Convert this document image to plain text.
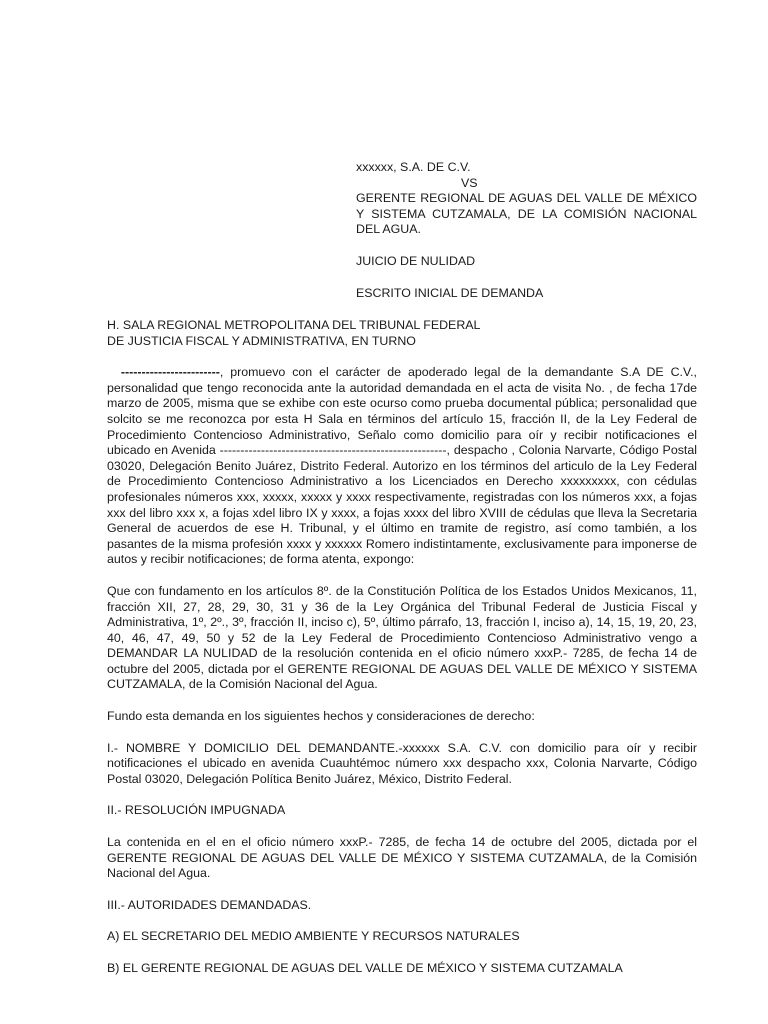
xxxxxx, S.A. DE C.V.

VS

GERENTE REGIONAL DE AGUAS DEL VALLE DE MÉXICO Y SISTEMA CUTZAMALA, DE LA COMISIÓN NACIONAL DEL AGUA.

JUICIO DE NULIDAD

ESCRITO INICIAL DE DEMANDA

H. SALA REGIONAL METROPOLITANA DEL TRIBUNAL FEDERAL

DE JUSTICIA FISCAL Y ADMINISTRATIVA, EN TURNO

------------------------, promuevo con el carácter de apoderado legal de la demandante S.A DE C.V., personalidad que tengo reconocida ante la autoridad demandada en el acta de visita No. , de fecha 17de marzo de 2005, misma que se exhibe con este ocurso como prueba documental pública; personalidad que solcito se me reconozca por esta H Sala en términos del artículo 15, fracción II, de la Ley Federal de Procedimiento Contencioso Administrativo, Señalo como domicilio para oír y recibir notificaciones el ubicado en Avenida -------------------------------------------------------, despacho , Colonia Narvarte, Código Postal 03020, Delegación Benito Juárez, Distrito Federal. Autorizo en los términos del articulo de la Ley Federal de Procedimiento Contencioso Administrativo a los Licenciados en Derecho xxxxxxxxx, con cédulas profesionales números xxx, xxxxx, xxxxx y xxxx respectivamente, registradas con los números xxx, a fojas xxx del libro xxx x, a fojas xdel libro IX y xxxx, a fojas xxxx del libro XVIII de cédulas que lleva la Secretaria General de acuerdos de ese H. Tribunal, y el último en tramite de registro, así como también, a los pasantes de la misma profesión xxxx y xxxxxx Romero indistintamente, exclusivamente para imponerse de autos y recibir notificaciones; de forma atenta, expongo:

Que con fundamento en los artículos 8º. de la Constitución Política de los Estados Unidos Mexicanos, 11, fracción XII, 27, 28, 29, 30, 31 y 36 de la Ley Orgánica del Tribunal Federal de Justicia Fiscal y Administrativa, 1º, 2º., 3º, fracción II, inciso c), 5º, último párrafo, 13, fracción I, inciso a), 14, 15, 19, 20, 23, 40, 46, 47, 49, 50 y 52 de la Ley Federal de Procedimiento Contencioso Administrativo vengo a DEMANDAR LA NULIDAD de la resolución contenida en el oficio número xxxP.- 7285, de fecha 14 de octubre del 2005, dictada por el GERENTE REGIONAL DE AGUAS DEL VALLE DE MÉXICO Y SISTEMA CUTZAMALA, de la Comisión Nacional del Agua.

Fundo esta demanda en los siguientes hechos y consideraciones de derecho:

I.- NOMBRE Y DOMICILIO DEL DEMANDANTE.-xxxxxx S.A. C.V. con domicilio para oír y recibir notificaciones el ubicado en avenida Cuauhtémoc número xxx despacho xxx, Colonia Narvarte, Código Postal 03020, Delegación Política Benito Juárez, México, Distrito Federal.

II.- RESOLUCIÓN IMPUGNADA

La contenida en el en el oficio número xxxP.- 7285, de fecha 14 de octubre del 2005, dictada por el GERENTE REGIONAL DE AGUAS DEL VALLE DE MÉXICO Y SISTEMA CUTZAMALA, de la Comisión Nacional del Agua.

III.- AUTORIDADES DEMANDADAS.

A) EL SECRETARIO DEL MEDIO AMBIENTE Y RECURSOS NATURALES

B) EL GERENTE REGIONAL DE AGUAS DEL VALLE DE MÉXICO Y SISTEMA CUTZAMALA
